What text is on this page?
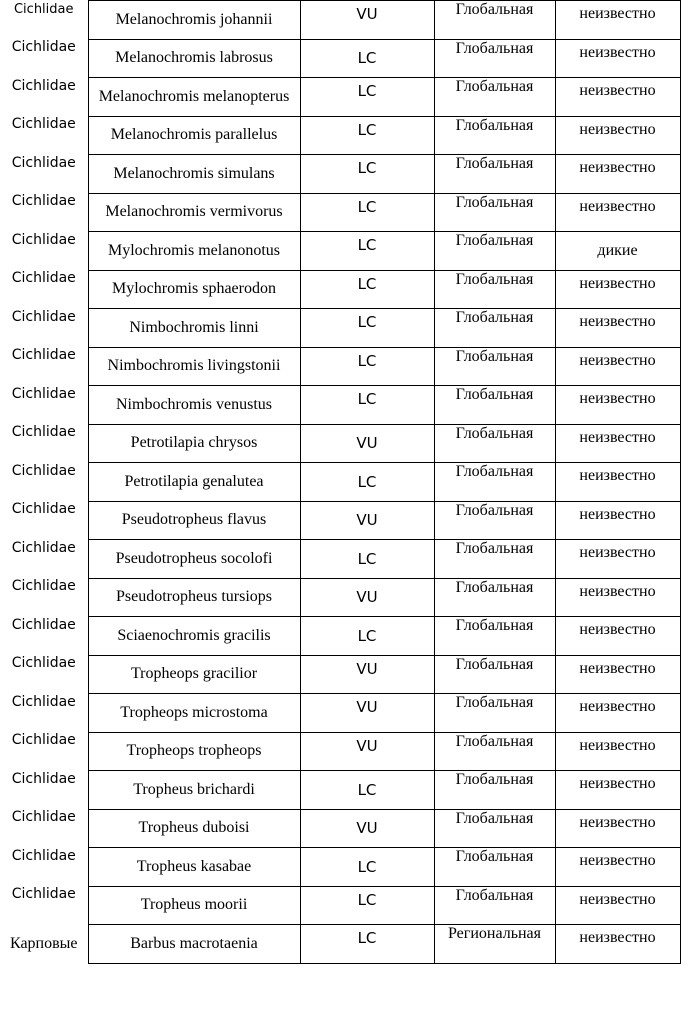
Cichlidae	Melanochromis johannii	VU	Глобальная	неизвестно
Cichlidae	Melanochromis labrosus	LC	Глобальная	неизвестно
Cichlidae	Melanochromis melanopterus	LC	Глобальная	неизвестно
Cichlidae	Melanochromis parallelus	LC	Глобальная	неизвестно
Cichlidae	Melanochromis simulans	LC	Глобальная	неизвестно
Cichlidae	Melanochromis vermivorus	LC	Глобальная	неизвестно
Cichlidae	Mylochromis melanonotus	LC	Глобальная	дикие
Cichlidae	Mylochromis sphaerodon	LC	Глобальная	неизвестно
Cichlidae	Nimbochromis linni	LC	Глобальная	неизвестно
Cichlidae	Nimbochromis livingstonii	LC	Глобальная	неизвестно
Cichlidae	Nimbochromis venustus	LC	Глобальная	неизвестно
Cichlidae	Petrotilapia chrysos	VU	Глобальная	неизвестно
Cichlidae	Petrotilapia genalutea	LC	Глобальная	неизвестно
Cichlidae	Pseudotropheus flavus	VU	Глобальная	неизвестно
Cichlidae	Pseudotropheus socolofi	LC	Глобальная	неизвестно
Cichlidae	Pseudotropheus tursiops	VU	Глобальная	неизвестно
Cichlidae	Sciaenochromis gracilis	LC	Глобальная	неизвестно
Cichlidae	Tropheops gracilior	VU	Глобальная	неизвестно
Cichlidae	Tropheops microstoma	VU	Глобальная	неизвестно
Cichlidae	Tropheops tropheops	VU	Глобальная	неизвестно
Cichlidae	Tropheus brichardi	LC	Глобальная	неизвестно
Cichlidae	Tropheus duboisi	VU	Глобальная	неизвестно
Cichlidae	Tropheus kasabae	LC	Глобальная	неизвестно
Cichlidae	Tropheus moorii	LC	Глобальная	неизвестно
Карповые	Barbus macrotaenia	LC	Региональная	неизвестно
